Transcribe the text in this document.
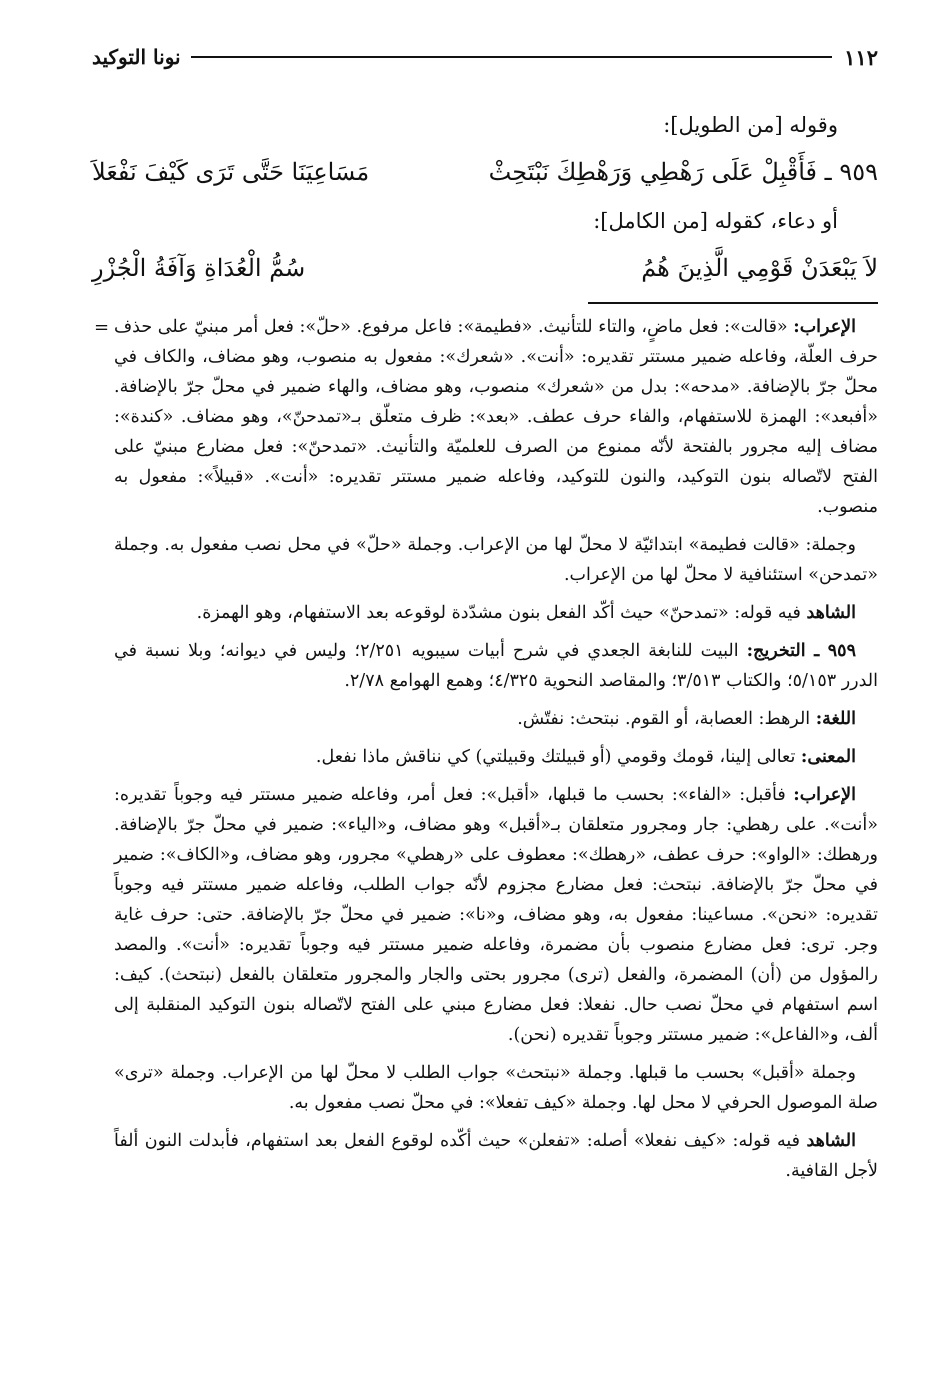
١١٢
نونا التوكيد
وقوله [من الطويل]:
٩٥٩ ـ فَأَقْبِلْ عَلَى رَهْطِي وَرَهْطِكَ نَبْتَحِثْ
مَسَاعِيَنَا حَتَّى تَرَى كَيْفَ نَفْعَلاَ
أو دعاء، كقوله [من الكامل]:
لاَ يَبْعَدَنْ قَوْمِي الَّذِينَ هُمُ
سُمُّ الْعُدَاةِ وَآفَةُ الْجُزْرِ
=	الإعراب: «قالت»: فعل ماضٍ، والتاء للتأنيث. «فطيمة»: فاعل مرفوع. «حلّ»: فعل أمر مبنيّ على حذف حرف العلّة، وفاعله ضمير مستتر تقديره: «أنت». «شعرك»: مفعول به منصوب، وهو مضاف، والكاف في محلّ جرّ بالإضافة. «مدحه»: بدل من «شعرك» منصوب، وهو مضاف، والهاء ضمير في محلّ جرّ بالإضافة. «أفبعد»: الهمزة للاستفهام، والفاء حرف عطف. «بعد»: ظرف متعلّق بـ«تمدحنّ»، وهو مضاف. «كندة»: مضاف إليه مجرور بالفتحة لأنّه ممنوع من الصرف للعلميّة والتأنيث. «تمدحنّ»: فعل مضارع مبنيّ على الفتح لاتّصاله بنون التوكيد، والنون للتوكيد، وفاعله ضمير مستتر تقديره: «أنت». «قبيلاً»: مفعول به منصوب.

وجملة: «قالت فطيمة» ابتدائيّة لا محلّ لها من الإعراب. وجملة «حلّ» في محل نصب مفعول به. وجملة «تمدحن» استئنافية لا محلّ لها من الإعراب.

الشاهد فيه قوله: «تمدحنّ» حيث أكّد الفعل بنون مشدّدة لوقوعه بعد الاستفهام، وهو الهمزة.

٩٥٩ ـ التخريج: البيت للنابغة الجعدي في شرح أبيات سيبويه ٢/٢٥١؛ وليس في ديوانه؛ وبلا نسبة في الدرر ٥/١٥٣؛ والكتاب ٣/٥١٣؛ والمقاصد النحوية ٤/٣٢٥؛ وهمع الهوامع ٢/٧٨.

اللغة: الرهط: العصابة، أو القوم. نبتحث: نفتّش.

المعنى: تعالى إلينا، قومك وقومي (أو قبيلتك وقبيلتي) كي نناقش ماذا نفعل.

الإعراب: فأقبل: «الفاء»: بحسب ما قبلها، «أقبل»: فعل أمر، وفاعله ضمير مستتر فيه وجوباً تقديره: «أنت». على رهطي: جار ومجرور متعلقان بـ«أقبل» وهو مضاف، و«الياء»: ضمير في محلّ جرّ بالإضافة. ورهطك: «الواو»: حرف عطف، «رهطك»: معطوف على «رهطي» مجرور، وهو مضاف، و«الكاف»: ضمير في محلّ جرّ بالإضافة. نبتحث: فعل مضارع مجزوم لأنّه جواب الطلب، وفاعله ضمير مستتر فيه وجوباً تقديره: «نحن». مساعينا: مفعول به، وهو مضاف، و«نا»: ضمير في محلّ جرّ بالإضافة. حتى: حرف غاية وجر. ترى: فعل مضارع منصوب بأن مضمرة، وفاعله ضمير مستتر فيه وجوباً تقديره: «أنت». والمصد رالمؤول من (أن) المضمرة، والفعل (ترى) مجرور بحتى والجار والمجرور متعلقان بالفعل (نبتحث). كيف: اسم استفهام في محلّ نصب حال. نفعلا: فعل مضارع مبني على الفتح لاتّصاله بنون التوكيد المنقلبة إلى ألف، و«الفاعل»: ضمير مستتر وجوباً تقديره (نحن).

وجملة «أقبل» بحسب ما قبلها. وجملة «نبتحث» جواب الطلب لا محلّ لها من الإعراب. وجملة «ترى» صلة الموصول الحرفي لا محل لها. وجملة «كيف تفعلا»: في محلّ نصب مفعول به.

الشاهد فيه قوله: «كيف نفعلا» أصله: «تفعلن» حيث أكّده لوقوع الفعل بعد استفهام، فأبدلت النون ألفاً لأجل القافية.
